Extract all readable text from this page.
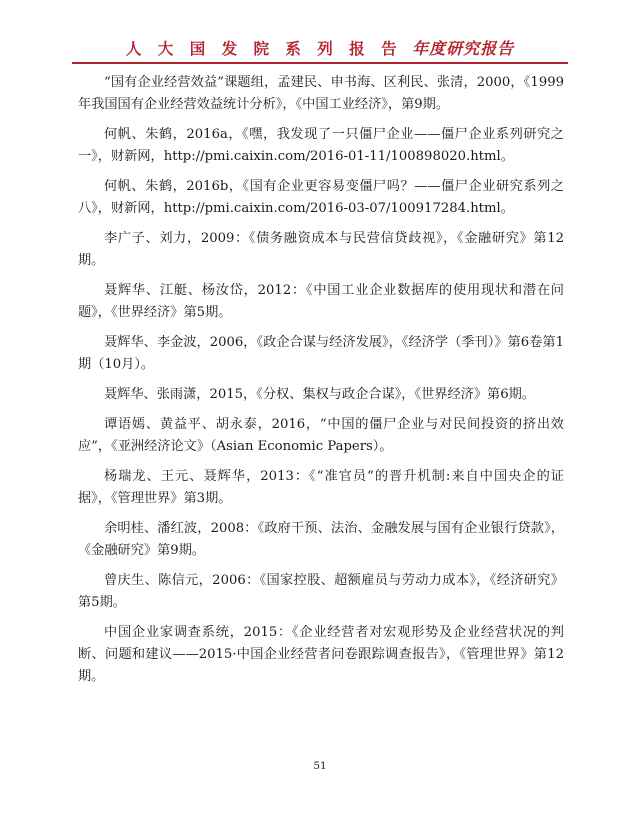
人 大 国 发 院 系 列 报 告 年度研究报告

“国有企业经营效益”课题组，孟建民、申书海、区利民、张清，2000，《1999年我国国有企业经营效益统计分析》，《中国工业经济》，第9期。

何帆、朱鹤，2016a，《嘿，我发现了一只僵尸企业——僵尸企业系列研究之一》，财新网，http://pmi.caixin.com/2016-01-11/100898020.html。

何帆、朱鹤，2016b，《国有企业更容易变僵尸吗？——僵尸企业研究系列之八》，财新网，http://pmi.caixin.com/2016-03-07/100917284.html。

李广子、刘力，2009：《债务融资成本与民营信贷歧视》，《金融研究》第12期。

聂辉华、江艇、杨汝岱，2012：《中国工业企业数据库的使用现状和潜在问题》，《世界经济》第5期。

聂辉华、李金波，2006，《政企合谋与经济发展》，《经济学（季刊）》第6卷第1期（10月）。

聂辉华、张雨潇，2015，《分权、集权与政企合谋》，《世界经济》第6期。

谭语嫣、黄益平、胡永泰，2016，“中国的僵尸企业与对民间投资的挤出效应”，《亚洲经济论文》（Asian Economic Papers）。

杨瑞龙、王元、聂辉华，2013：《“准官员”的晋升机制:来自中国央企的证据》，《管理世界》第3期。

余明桂、潘红波，2008：《政府干预、法治、金融发展与国有企业银行贷款》，《金融研究》第9期。

曾庆生、陈信元，2006：《国家控股、超额雇员与劳动力成本》，《经济研究》第5期。

中国企业家调查系统，2015：《企业经营者对宏观形势及企业经营状况的判断、问题和建议——2015·中国企业经营者问卷跟踪调查报告》，《管理世界》第12期。

51
